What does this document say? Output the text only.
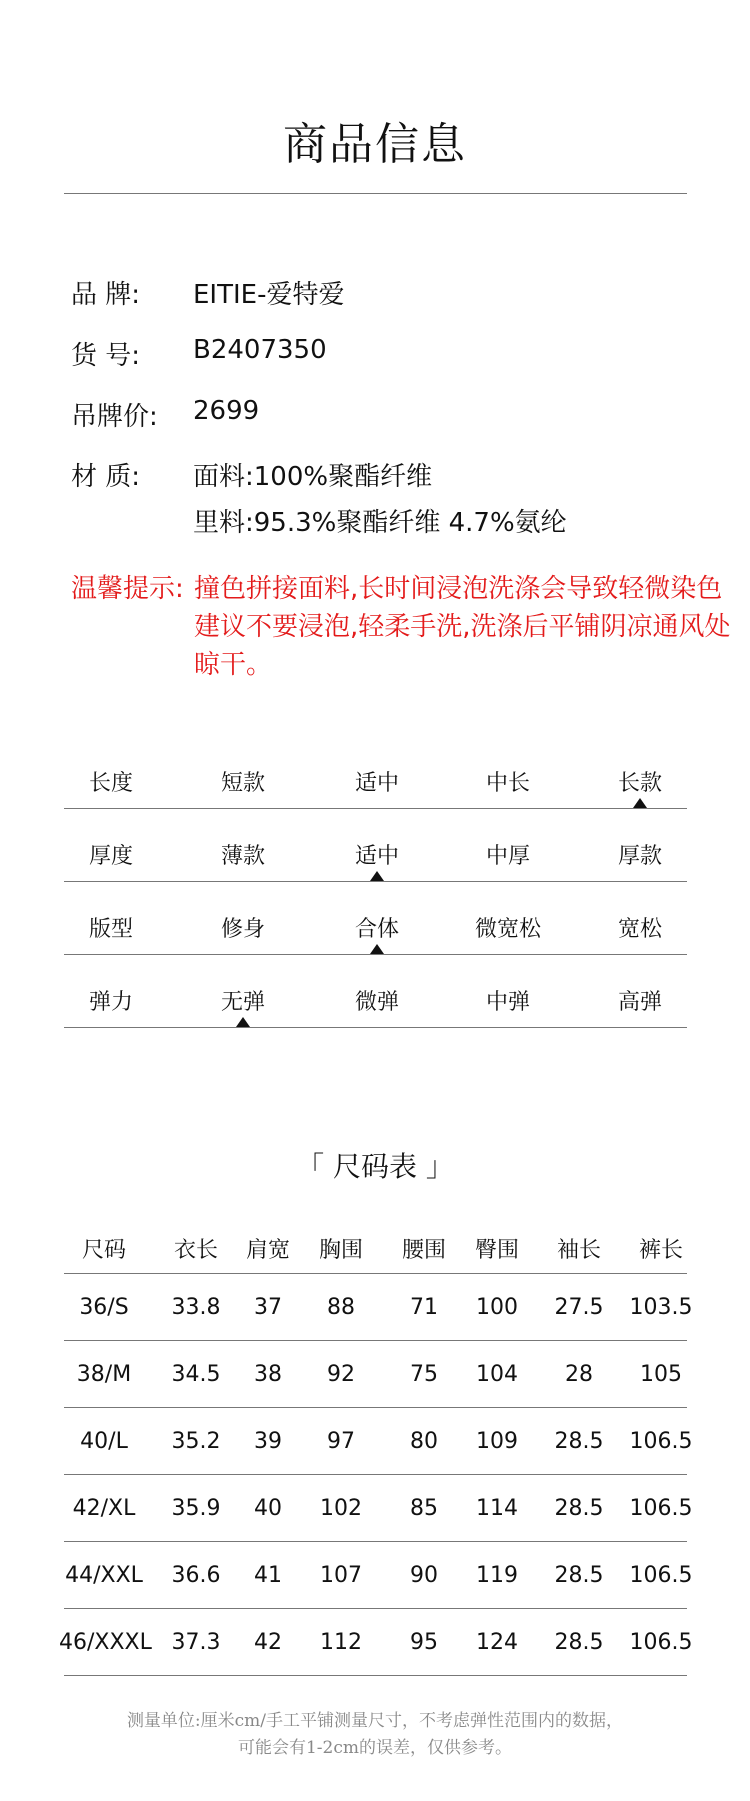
商品信息
品 牌: EITIE-爱特爱
货 号: B2407350
吊牌价: 2699
材 质: 面料:100%聚酯纤维
里料:95.3%聚酯纤维 4.7%氨纶
温馨提示: 撞色拼接面料,长时间浸泡洗涤会导致轻微染色
建议不要浸泡,轻柔手洗,洗涤后平铺阴凉通风处
晾干。
长度	短款	适中	中长	长款
厚度	薄款	适中	中厚	厚款
版型	修身	合体	微宽松	宽松
弹力	无弹	微弹	中弹	高弹
「 尺码表 」
尺码	衣长	肩宽	胸围	腰围	臀围	袖长	裤长
36/S	33.8	37	88	71	100	27.5	103.5
38/M	34.5	38	92	75	104	28	105
40/L	35.2	39	97	80	109	28.5	106.5
42/XL	35.9	40	102	85	114	28.5	106.5
44/XXL	36.6	41	107	90	119	28.5	106.5
46/XXXL 37.3	42	112	95	124	28.5	106.5
测量单位:厘米cm/手工平铺测量尺寸，不考虑弹性范围内的数据，
可能会有1-2cm的误差，仅供参考。
